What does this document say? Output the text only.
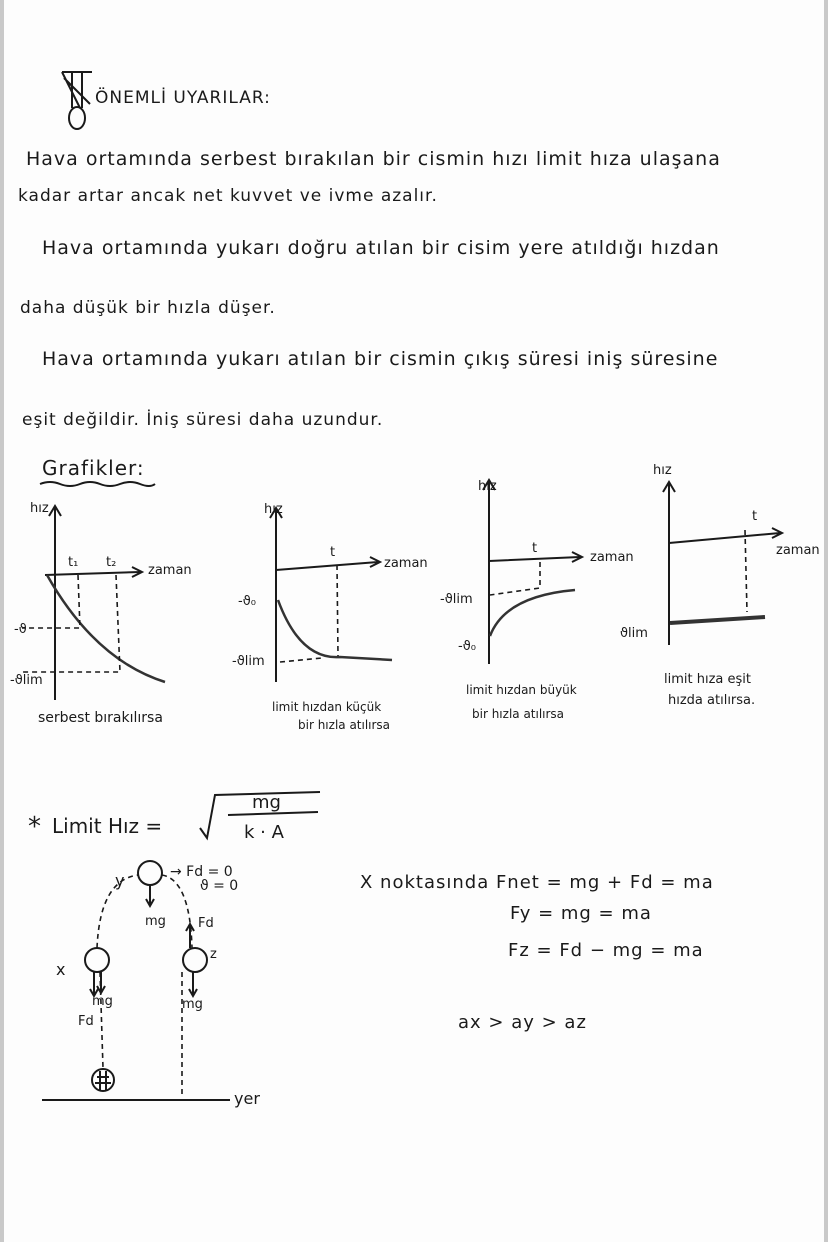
hız
t₁ t₂
zaman
-ϑ
-ϑlim
serbest bırakılırsa
hız
t
zaman
-ϑ₀
-ϑlim
limit hızdan küçük
bir hızla atılırsa
hız
t
zaman
-ϑlim
-ϑ₀
limit hızdan büyük
bir hızla atılırsa
hız
t
zaman
ϑlim
limit hıza eşit
hızda atılırsa.
* Limit Hız =
mg
k · A
y	→ Fd = 0
ϑ = 0
mg Fd
z
x
mg
Fd
mg
yer
ÖNEMLİ UYARILAR:
Hava ortamında serbest bırakılan bir cismin hızı limit hıza ulaşana
kadar artar ancak net kuvvet ve ivme azalır.
Hava ortamında yukarı doğru atılan bir cisim yere atıldığı hızdan
daha düşük bir hızla düşer.
Hava ortamında yukarı atılan bir cismin çıkış süresi iniş süresine
eşit değildir. İniş süresi daha uzundur.
Grafikler:
X noktasında Fnet = mg + Fd = ma
Fy = mg = ma
Fz = Fd − mg = ma
ax > ay > az
